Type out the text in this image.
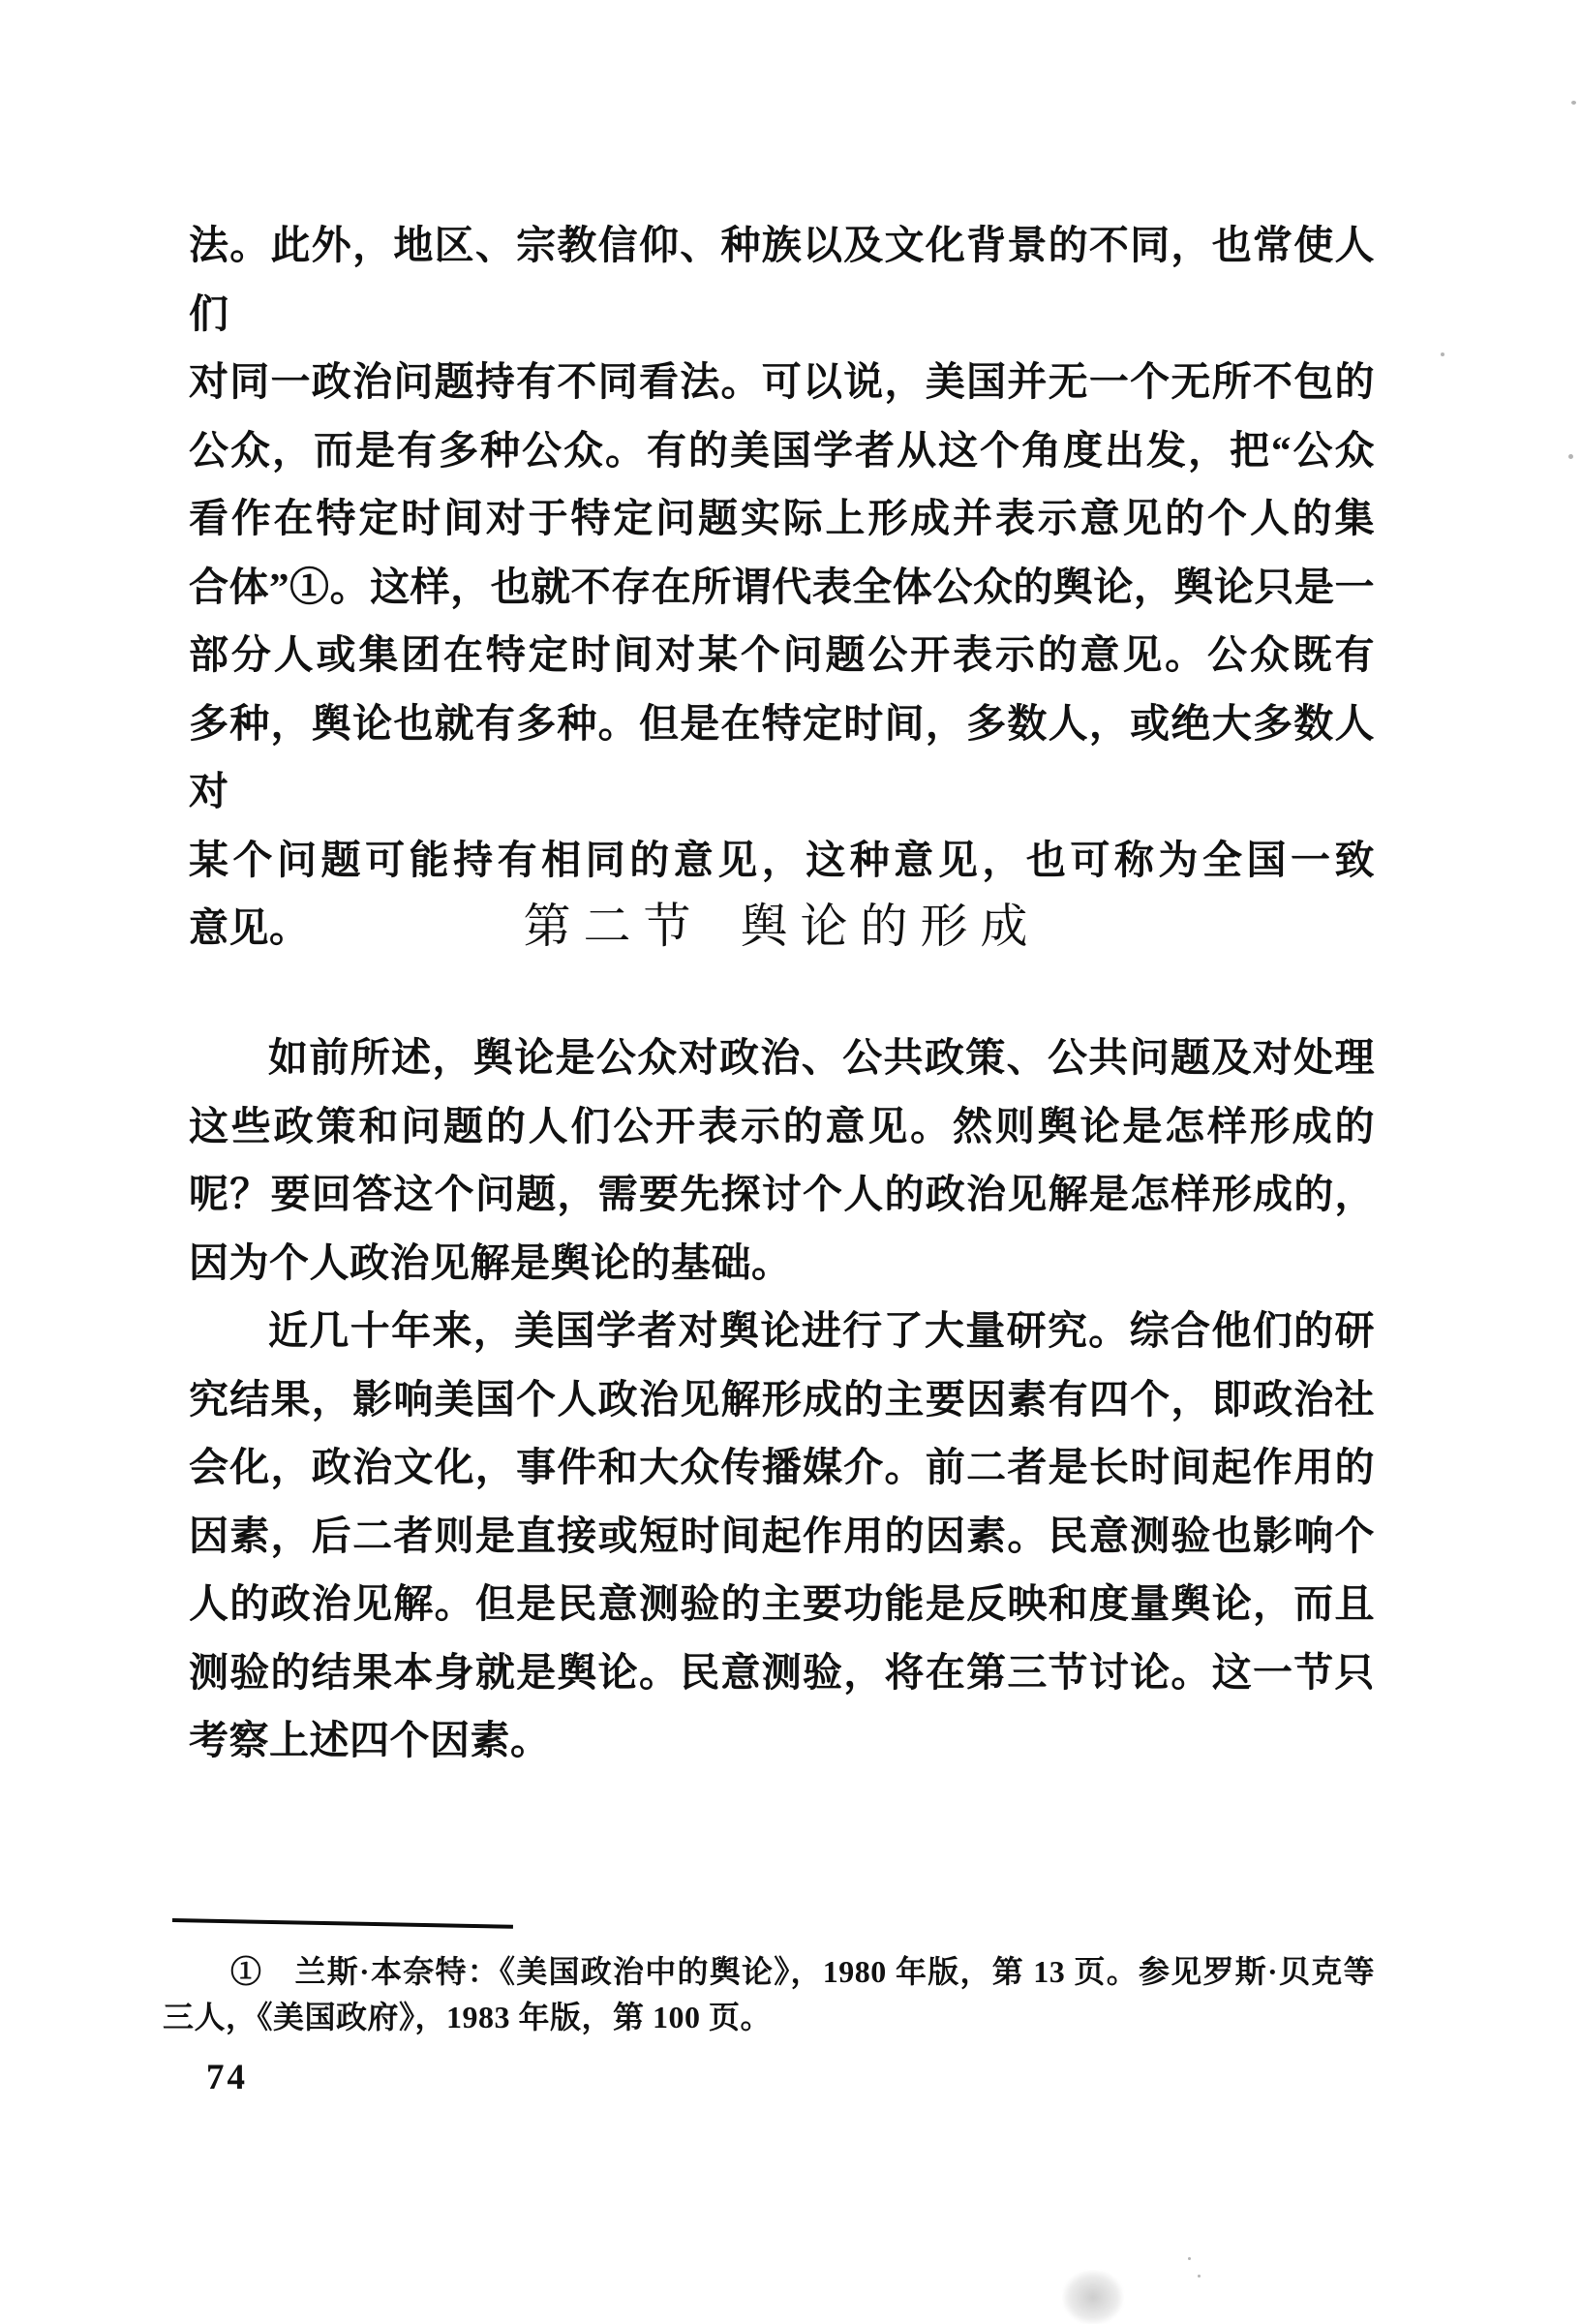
法。此外，地区、宗教信仰、种族以及文化背景的不同，也常使人们
对同一政治问题持有不同看法。可以说，美国并无一个无所不包的
公众，而是有多种公众。有的美国学者从这个角度出发，把“公众
看作在特定时间对于特定问题实际上形成并表示意见的个人的集
合体”①。这样，也就不存在所谓代表全体公众的舆论，舆论只是一
部分人或集团在特定时间对某个问题公开表示的意见。公众既有
多种，舆论也就有多种。但是在特定时间，多数人，或绝大多数人对
某个问题可能持有相同的意见，这种意见，也可称为全国一致
意见。	第二节 舆论的形成
如前所述，舆论是公众对政治、公共政策、公共问题及对处理
这些政策和问题的人们公开表示的意见。然则舆论是怎样形成的
呢？要回答这个问题，需要先探讨个人的政治见解是怎样形成的，
因为个人政治见解是舆论的基础。
近几十年来，美国学者对舆论进行了大量研究。综合他们的研
究结果，影响美国个人政治见解形成的主要因素有四个，即政治社
会化，政治文化，事件和大众传播媒介。前二者是长时间起作用的
因素，后二者则是直接或短时间起作用的因素。民意测验也影响个
人的政治见解。但是民意测验的主要功能是反映和度量舆论，而且
测验的结果本身就是舆论。民意测验，将在第三节讨论。这一节只
考察上述四个因素。
①　兰斯·本奈特：《美国政治中的舆论》，1980 年版，第 13 页。参见罗斯·贝克等
三人，《美国政府》，1983 年版，第 100 页。
74
